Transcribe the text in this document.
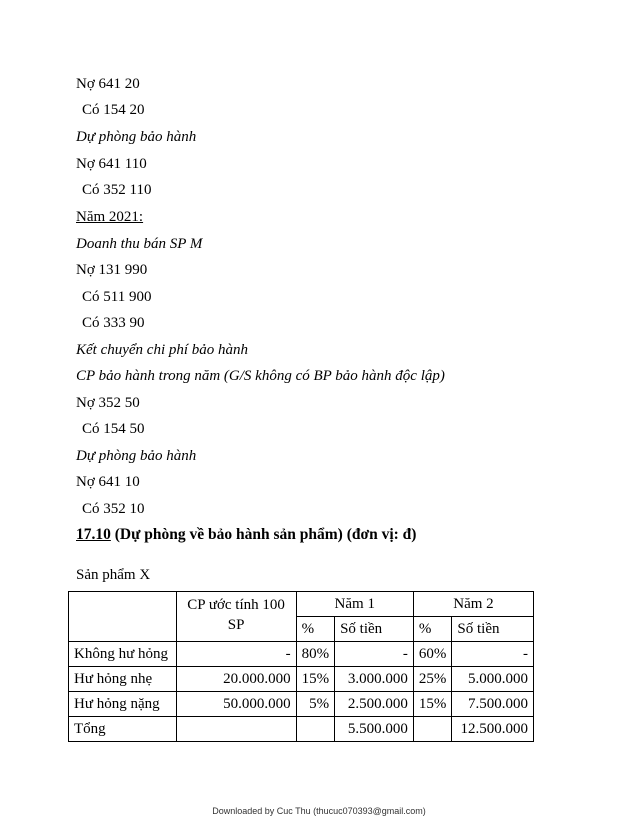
Nợ 641 20
Có 154 20
Dự phòng bảo hành
Nợ 641 110
Có 352 110
Năm 2021:
Doanh thu bán SP M
Nợ 131 990
Có 511 900
Có 333 90
Kết chuyển chi phí bảo hành
CP bảo hành trong năm (G/S không có BP bảo hành độc lập)
Nợ 352 50
Có 154 50
Dự phòng bảo hành
Nợ 641 10
Có 352 10
17.10 (Dự phòng về bảo hành sản phẩm) (đơn vị: đ)
Sản phẩm X
	CP ước tính 100 SP	Năm 1		Năm 2	
		%	Số tiền	%	Số tiền
Không hư hỏng	-	80%	-	60%	-
Hư hỏng nhẹ	20.000.000	15%	3.000.000	25%	5.000.000
Hư hỏng nặng	50.000.000	5%	2.500.000	15%	7.500.000
Tổng			5.500.000		12.500.000
Downloaded by Cuc Thu (thucuc070393@gmail.com)
